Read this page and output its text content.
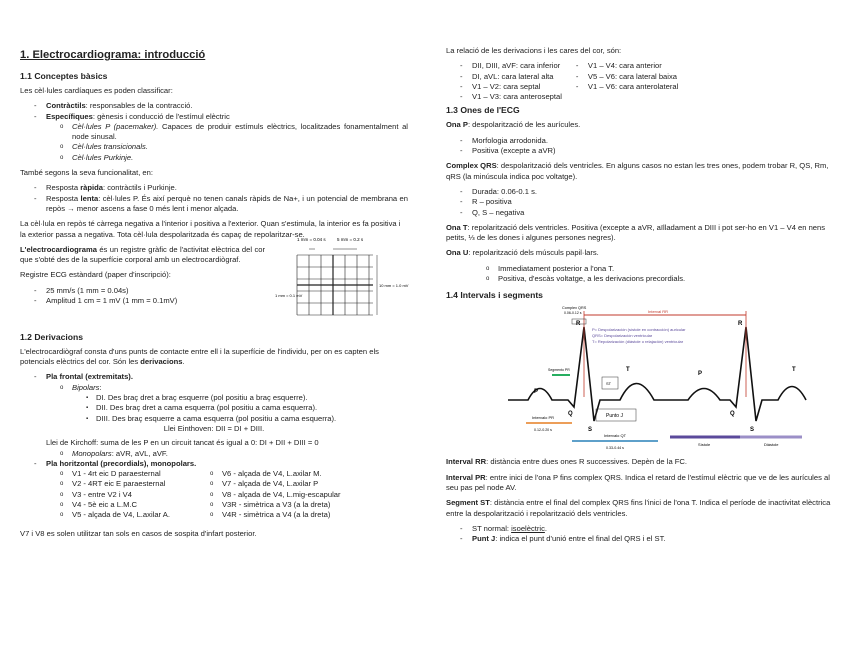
1. Electrocardiograma: introducció
1.1 Conceptes bàsics

Les cèl·lules cardíaques es poden classificar:

- Contràctils: responsables de la contracció.
- Específiques: gènesis i conducció de l'estímul elèctric
o Cèl·lules P (pacemaker). Capaces de produir estímuls elèctrics, localitzades fonamentalment al node sinusal.
o Cèl·lules transicionals.
o Cèl·lules Purkinje.

També segons la seva funcionalitat, en:

- Resposta ràpida: contràctils i Purkinje.
- Resposta lenta: cèl·lules P. És així perquè no tenen canals ràpids de Na+, i un potencial de membrana en repòs → menor ascens a fase 0 més lent i menor alçada.

La cèl·lula en repòs té càrrega negativa a l'interior i positiva a l'exterior. Quan s'estimula, la interior es fa positiva i la exterior passa a negativa. Tota cèl·lula despolaritzada és capaç de repolaritzar-se.

L'electrocardiograma és un registre gràfic de l'activitat elèctrica del cor que s'obté des de la superfície corporal amb un electrocardiògraf.

Registre ECG estàndard (paper d'inscripció):

- 25 mm/s (1 mm = 0.04s)
- Amplitud 1 cm = 1 mV (1 mm = 0.1mV)
1 mm = 0.04 s	5 mm = 0.2 s
1 mm = 0.1 mV
10 mm = 1.0 mV
1.2 Derivacions

L'electrocardiògraf consta d'uns punts de contacte entre ell i la superfície de l'individu, per on es capten els potencials elèctrics del cor. Són les derivacions.

- Pla frontal (extremitats).
o Bipolars:
▪ DI. Des braç dret a braç esquerre (pol positiu a braç esquerre).
▪ DII. Des braç dret a cama esquerra (pol positiu a cama esquerra).
▪ DIII. Des braç esquerre a cama esquerra (pol positiu a cama esquerra).

Llei Einthoven: DII = DI + DIII.

Llei de Kirchoff: suma de les P en un circuit tancat és igual a 0: DI + DII + DIII = 0

o Monopolars: aVR, aVL, aVF.
- Pla horitzontal (precordials), monopolars.
o V1 - 4rt eic D paraesternal
o V2 - 4RT eic E paraesternal
o V3 - entre V2 i V4
o V4 - 5è eic a L.M.C
o V5 - alçada de V4, L.axilar A.
o V6 - alçada de V4, L.axilar M.
o V7 - alçada de V4, L.axilar P
o V8 - alçada de V4, L.mig-escapular
o V3R - simètrica a V3 (a la dreta)
o V4R - simètrica a V4 (a la dreta)

V7 i V8 es solen utilitzar tan sols en casos de sospita d'infart posterior.

La relació de les derivacions i les cares del cor, són:

- DII, DIII, aVF: cara inferior
- DI, aVL: cara lateral alta
- V1 – V2: cara septal
- V1 – V3: cara anteroseptal
- V1 – V4: cara anterior
- V5 – V6: cara lateral baixa
- V1 – V6: cara anterolateral
1.3 Ones de l'ECG

Ona P: despolarització de les aurícules.

- Morfologia arrodonida.
- Positiva (excepte a aVR)

Complex QRS: despolarització dels ventricles. En alguns casos no estan les tres ones, podem trobar R, QS, Rm, qRS (la minúscula indica poc voltatge).

- Durada: 0.06-0.1 s.
- R – positiva
- Q, S – negativa

Ona T: repolarització dels ventricles. Positiva (excepte a aVR, aïlladament a DIII i pot ser-ho en V1 – V4 en nens petits, ⅓ de les dones i algunes persones negres).

Ona U: repolarització dels músculs papil·lars.

o Immediatament posterior a l'ona T.
o Positiva, d'escàs voltatge, a les derivacions precordials.
1.4 Intervals i segments
Interval RR
Complex QRS
0.06-0.12 s
P= Despolarización (sístole en contracción) auricular
QRS= Despolarización ventricular
T= Repolarización (diástole o relajación) ventricular
Segmento PR
ST
Punto J
Intervalo PR
0.12-0.20 s
Intervalo QT
0.33-0.44 s
Sístole	Diástole
P
R
Q
S
T
P
R
Q
S
T

Interval RR: distància entre dues ones R successives. Depèn de la FC.

Interval PR: entre inici de l'ona P fins complex QRS. Indica el retard de l'estímul elèctric que ve de les aurícules al seu pas pel node AV.

Segment ST: distància entre el final del complex QRS fins l'inici de l'ona T. Indica el període de inactivitat elèctrica entre la despolarització i repolarització dels ventricles.

- ST normal: isoelèctric.
- Punt J: indica el punt d'unió entre el final del QRS i el ST.
